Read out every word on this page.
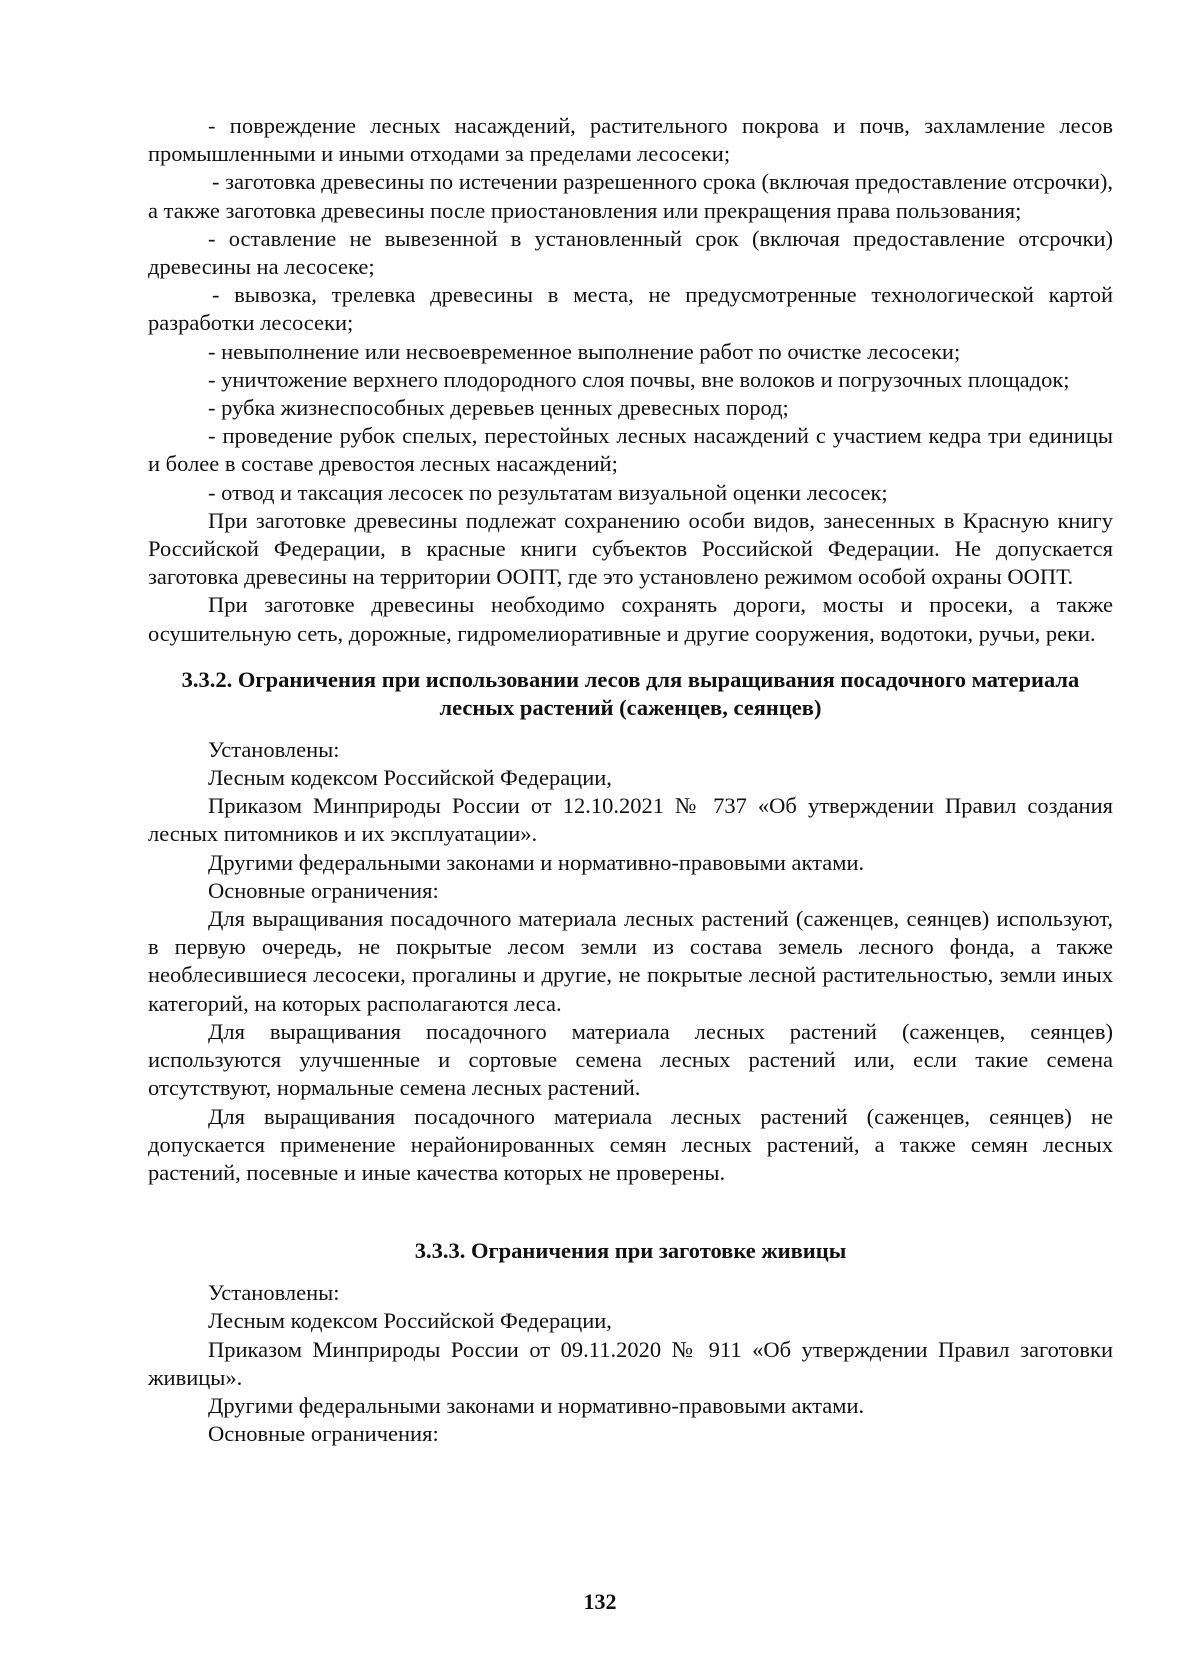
- повреждение лесных насаждений, растительного покрова и почв, захламление лесов промышленными и иными отходами за пределами лесосеки;

- заготовка древесины по истечении разрешенного срока (включая предоставление отсрочки), а также заготовка древесины после приостановления или прекращения права пользования;

- оставление не вывезенной в установленный срок (включая предоставление отсрочки) древесины на лесосеке;

- вывозка, трелевка древесины в места, не предусмотренные технологической картой разработки лесосеки;

- невыполнение или несвоевременное выполнение работ по очистке лесосеки;

- уничтожение верхнего плодородного слоя почвы, вне волоков и погрузочных площадок;

- рубка жизнеспособных деревьев ценных древесных пород;

- проведение рубок спелых, перестойных лесных насаждений с участием кедра три единицы и более в составе древостоя лесных насаждений;

- отвод и таксация лесосек по результатам визуальной оценки лесосек;

При заготовке древесины подлежат сохранению особи видов, занесенных в Красную книгу Российской Федерации, в красные книги субъектов Российской Федерации. Не допускается заготовка древесины на территории ООПТ, где это установлено режимом особой охраны ООПТ.

При заготовке древесины необходимо сохранять дороги, мосты и просеки, а также осушительную сеть, дорожные, гидромелиоративные и другие сооружения, водотоки, ручьи, реки.

3.3.2. Ограничения при использовании лесов для выращивания посадочного материала лесных растений (саженцев, сеянцев)

Установлены:

Лесным кодексом Российской Федерации,

Приказом Минприроды России от 12.10.2021 № 737 «Об утверждении Правил создания лесных питомников и их эксплуатации».

Другими федеральными законами и нормативно-правовыми актами.

Основные ограничения:

Для выращивания посадочного материала лесных растений (саженцев, сеянцев) используют, в первую очередь, не покрытые лесом земли из состава земель лесного фонда, а также необлесившиеся лесосеки, прогалины и другие, не покрытые лесной растительностью, земли иных категорий, на которых располагаются леса.

Для выращивания посадочного материала лесных растений (саженцев, сеянцев) используются улучшенные и сортовые семена лесных растений или, если такие семена отсутствуют, нормальные семена лесных растений.

Для выращивания посадочного материала лесных растений (саженцев, сеянцев) не допускается применение нерайонированных семян лесных растений, а также семян лесных растений, посевные и иные качества которых не проверены.

3.3.3. Ограничения при заготовке живицы

Установлены:

Лесным кодексом Российской Федерации,

Приказом Минприроды России от 09.11.2020 № 911 «Об утверждении Правил заготовки живицы».

Другими федеральными законами и нормативно-правовыми актами.

Основные ограничения:

132
